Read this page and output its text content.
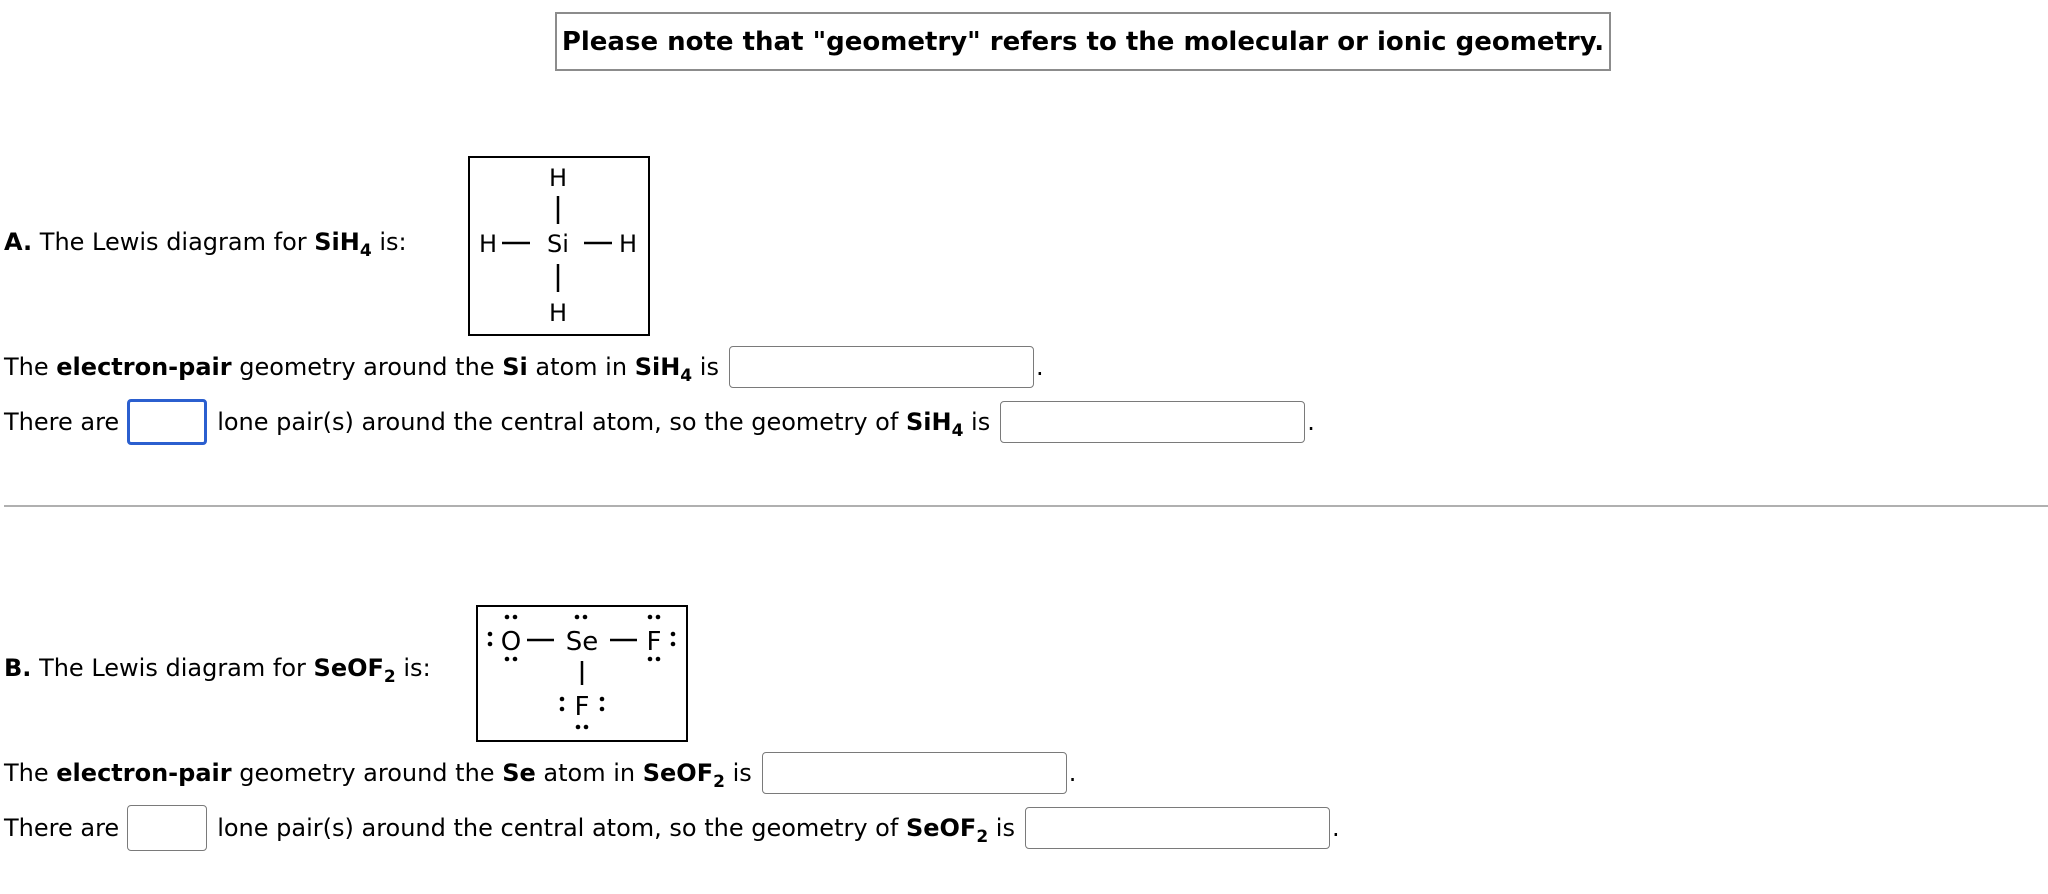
Please note that "geometry" refers to the molecular or ionic geometry.
A.
The Lewis diagram for
SiH$_4$
is:
H
H Si H
H
The
electron-pair
geometry around the
Si
atom in
SiH$_4$
is	.
There are	lone pair(s) around the central atom, so the geometry of
SiH$_4$
is	.
B.
The Lewis diagram for
SeOF$_2$
is:
O Se F
F
The
electron-pair
geometry around the
Se
atom in
SeOF$_2$
is	.
There are	lone pair(s) around the central atom, so the geometry of
SeOF$_2$
is	.
